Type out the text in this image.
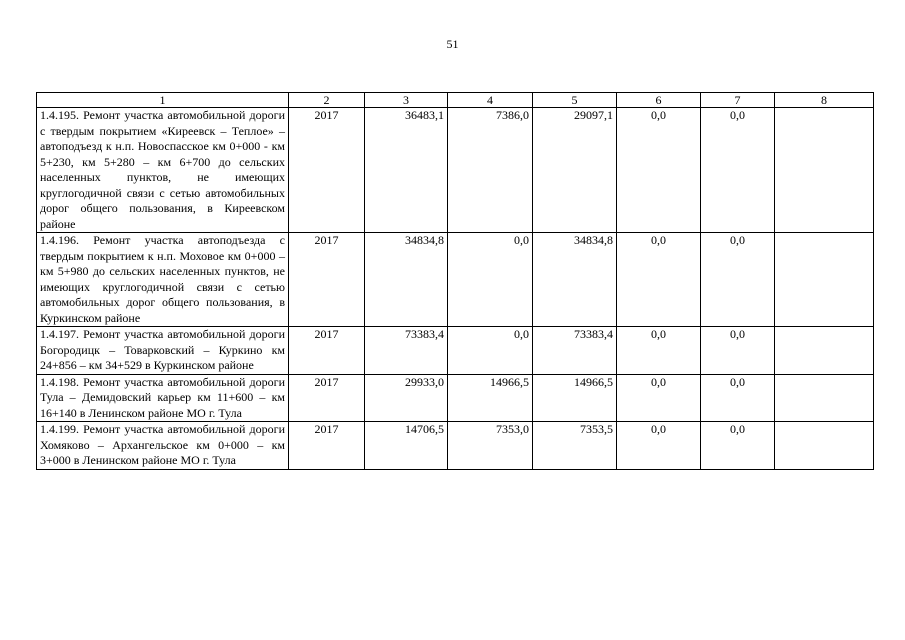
51
1	2	3	4	5	6	7	8
1.4.195. Ремонт участка автомобильной дороги с твердым покрытием «Киреевск – Теплое» – автоподъезд к н.п. Новоспасское км 0+000 - км 5+230, км 5+280 – км 6+700 до сельских населенных пунктов, не имеющих круглогодичной связи с сетью автомобильных дорог общего пользования, в Киреевском районе	2017	36483,1	7386,0	29097,1	0,0	0,0	
1.4.196. Ремонт участка автоподъезда с твердым покрытием к н.п. Моховое км 0+000 – км 5+980 до сельских населенных пунктов, не имеющих круглогодичной связи с сетью автомобильных дорог общего пользования, в Куркинском районе	2017	34834,8	0,0	34834,8	0,0	0,0	
1.4.197. Ремонт участка автомобильной дороги Богородицк – Товарковский – Куркино км 24+856 – км 34+529 в Куркинском районе	2017	73383,4	0,0	73383,4	0,0	0,0	
1.4.198. Ремонт участка автомобильной дороги Тула – Демидовский карьер км 11+600 – км 16+140 в Ленинском районе МО г. Тула	2017	29933,0	14966,5	14966,5	0,0	0,0	
1.4.199. Ремонт участка автомобильной дороги Хомяково – Архангельское км 0+000 – км 3+000 в Ленинском районе МО г. Тула	2017	14706,5	7353,0	7353,5	0,0	0,0	
